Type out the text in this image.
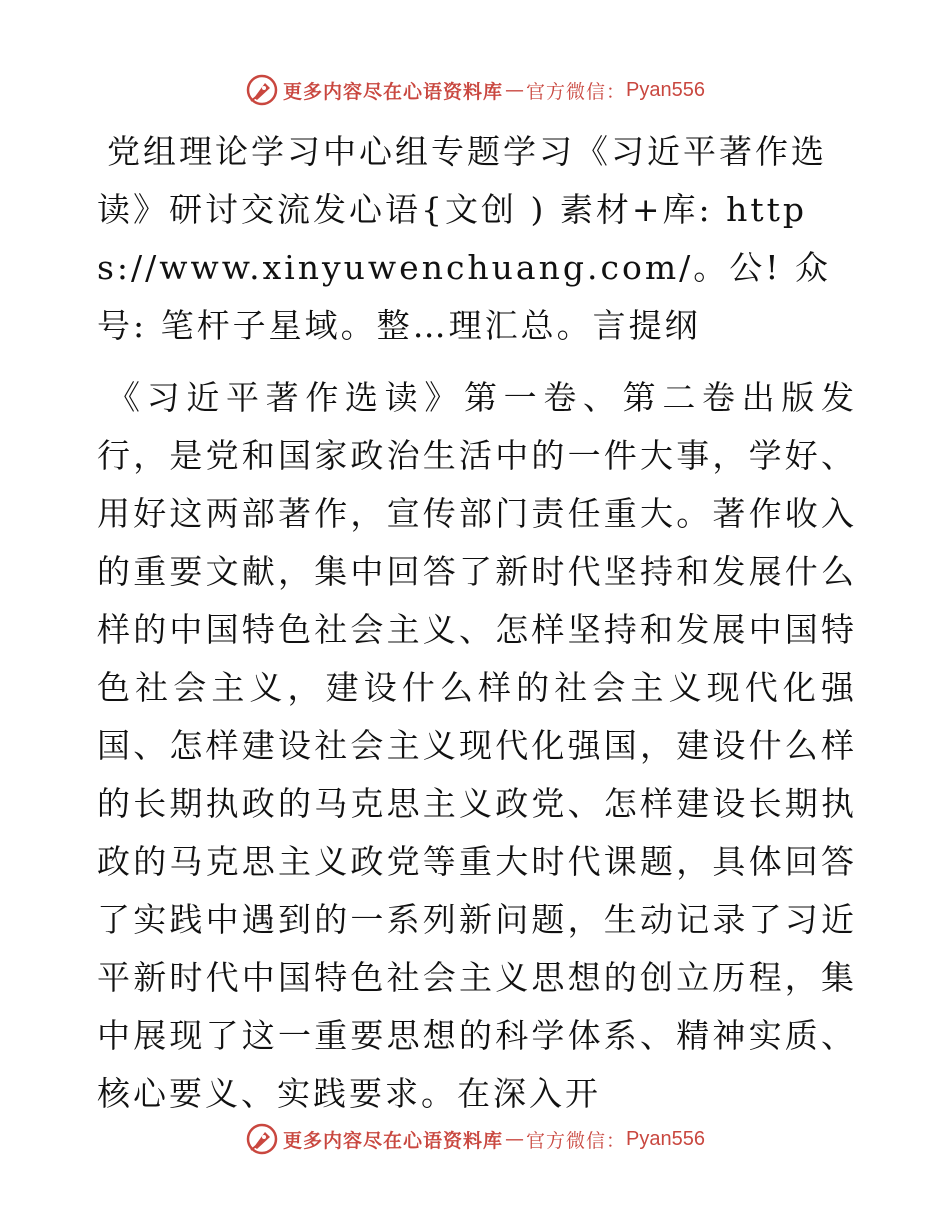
更多内容尽在心语资料库 — 官方微信： Pyan556
党组理论学习中心组专题学习《习近平著作选读》研讨交流发心语{文创 ) 素材+库: https://www.xinyuwenchuang.com/。公! 众号: 笔杆子星域。整…理汇总。言提纲

《习近平著作选读》第一卷、第二卷出版发行，是党和国家政治生活中的一件大事，学好、用好这两部著作，宣传部门责任重大。著作收入的重要文献，集中回答了新时代坚持和发展什么样的中国特色社会主义、怎样坚持和发展中国特色社会主义，建设什么样的社会主义现代化强国、怎样建设社会主义现代化强国，建设什么样的长期执政的马克思主义政党、怎样建设长期执政的马克思主义政党等重大时代课题，具体回答了实践中遇到的一系列新问题，生动记录了习近平新时代中国特色社会主义思想的创立历程，集中展现了这一重要思想的科学体系、精神实质、核心要义、实践要求。在深入开

更多内容尽在心语资料库 — 官方微信： Pyan556
